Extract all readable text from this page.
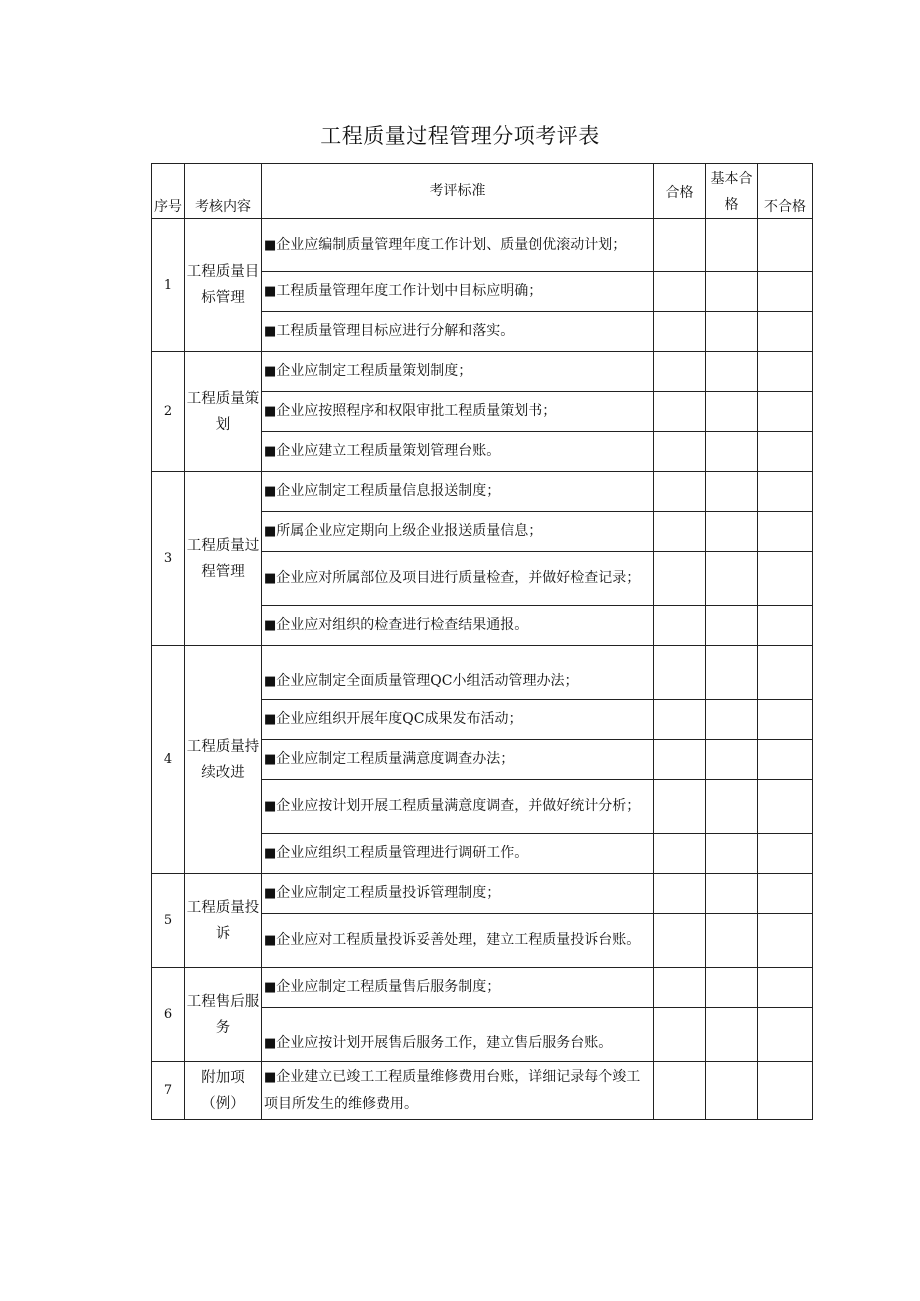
工程质量过程管理分项考评表
序号	考核内容	考评标准	合格	基本合格	不合格
1	工程质量目标管理	■企业应编制质量管理年度工作计划、质量创优滚动计划；			
		■工程质量管理年度工作计划中目标应明确；			
		■工程质量管理目标应进行分解和落实。			
2	工程质量策划	■企业应制定工程质量策划制度；			
		■企业应按照程序和权限审批工程质量策划书；			
		■企业应建立工程质量策划管理台账。			
3	工程质量过程管理	■企业应制定工程质量信息报送制度；			
		■所属企业应定期向上级企业报送质量信息；			
		■企业应对所属部位及项目进行质量检查，并做好检查记录；			
		■企业应对组织的检查进行检查结果通报。			
4	工程质量持续改进	■企业应制定全面质量管理QC小组活动管理办法；			
		■企业应组织开展年度QC成果发布活动；			
		■企业应制定工程质量满意度调查办法；			
		■企业应按计划开展工程质量满意度调查，并做好统计分析；			
		■企业应组织工程质量管理进行调研工作。			
5	工程质量投诉	■企业应制定工程质量投诉管理制度；			
		■企业应对工程质量投诉妥善处理，建立工程质量投诉台账。			
6	工程售后服务	■企业应制定工程质量售后服务制度；			
		■企业应按计划开展售后服务工作，建立售后服务台账。			
7	附加项（例）	■企业建立已竣工工程质量维修费用台账，详细记录每个竣工项目所发生的维修费用。			
